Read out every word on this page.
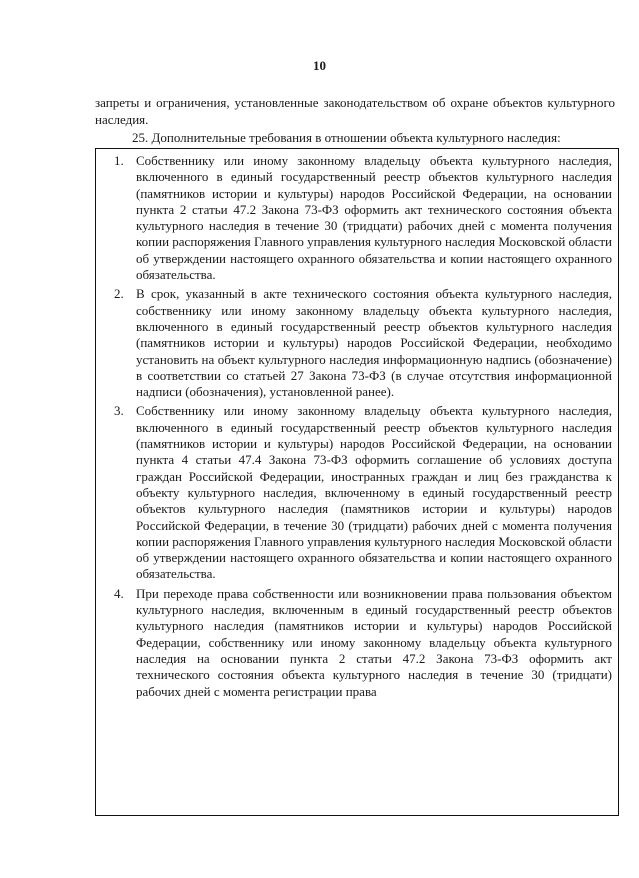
10

запреты и ограничения, установленные законодательством об охране объектов культурного наследия.

25. Дополнительные требования в отношении объекта культурного наследия:
1. Собственнику или иному законному владельцу объекта культурного наследия, включенного в единый государственный реестр объектов культурного наследия (памятников истории и культуры) народов Российской Федерации, на основании пункта 2 статьи 47.2 Закона 73-ФЗ оформить акт технического состояния объекта культурного наследия в течение 30 (тридцати) рабочих дней с момента получения копии распоряжения Главного управления культурного наследия Московской области об утверждении настоящего охранного обязательства и копии настоящего охранного обязательства.
2. В срок, указанный в акте технического состояния объекта культурного наследия, собственнику или иному законному владельцу объекта культурного наследия, включенного в единый государственный реестр объектов культурного наследия (памятников истории и культуры) народов Российской Федерации, необходимо установить на объект культурного наследия информационную надпись (обозначение) в соответствии со статьей 27 Закона 73-ФЗ (в случае отсутствия информационной надписи (обозначения), установленной ранее).
3. Собственнику или иному законному владельцу объекта культурного наследия, включенного в единый государственный реестр объектов культурного наследия (памятников истории и культуры) народов Российской Федерации, на основании пункта 4 статьи 47.4 Закона 73-ФЗ оформить соглашение об условиях доступа граждан Российской Федерации, иностранных граждан и лиц без гражданства к объекту культурного наследия, включенному в единый государственный реестр объектов культурного наследия (памятников истории и культуры) народов Российской Федерации, в течение 30 (тридцати) рабочих дней с момента получения копии распоряжения Главного управления культурного наследия Московской области об утверждении настоящего охранного обязательства и копии настоящего охранного обязательства.
4. При переходе права собственности или возникновении права пользования объектом культурного наследия, включенным в единый государственный реестр объектов культурного наследия (памятников истории и культуры) народов Российской Федерации, собственнику или иному законному владельцу объекта культурного наследия на основании пункта 2 статьи 47.2 Закона 73-ФЗ оформить акт технического состояния объекта культурного наследия в течение 30 (тридцати) рабочих дней с момента регистрации права
